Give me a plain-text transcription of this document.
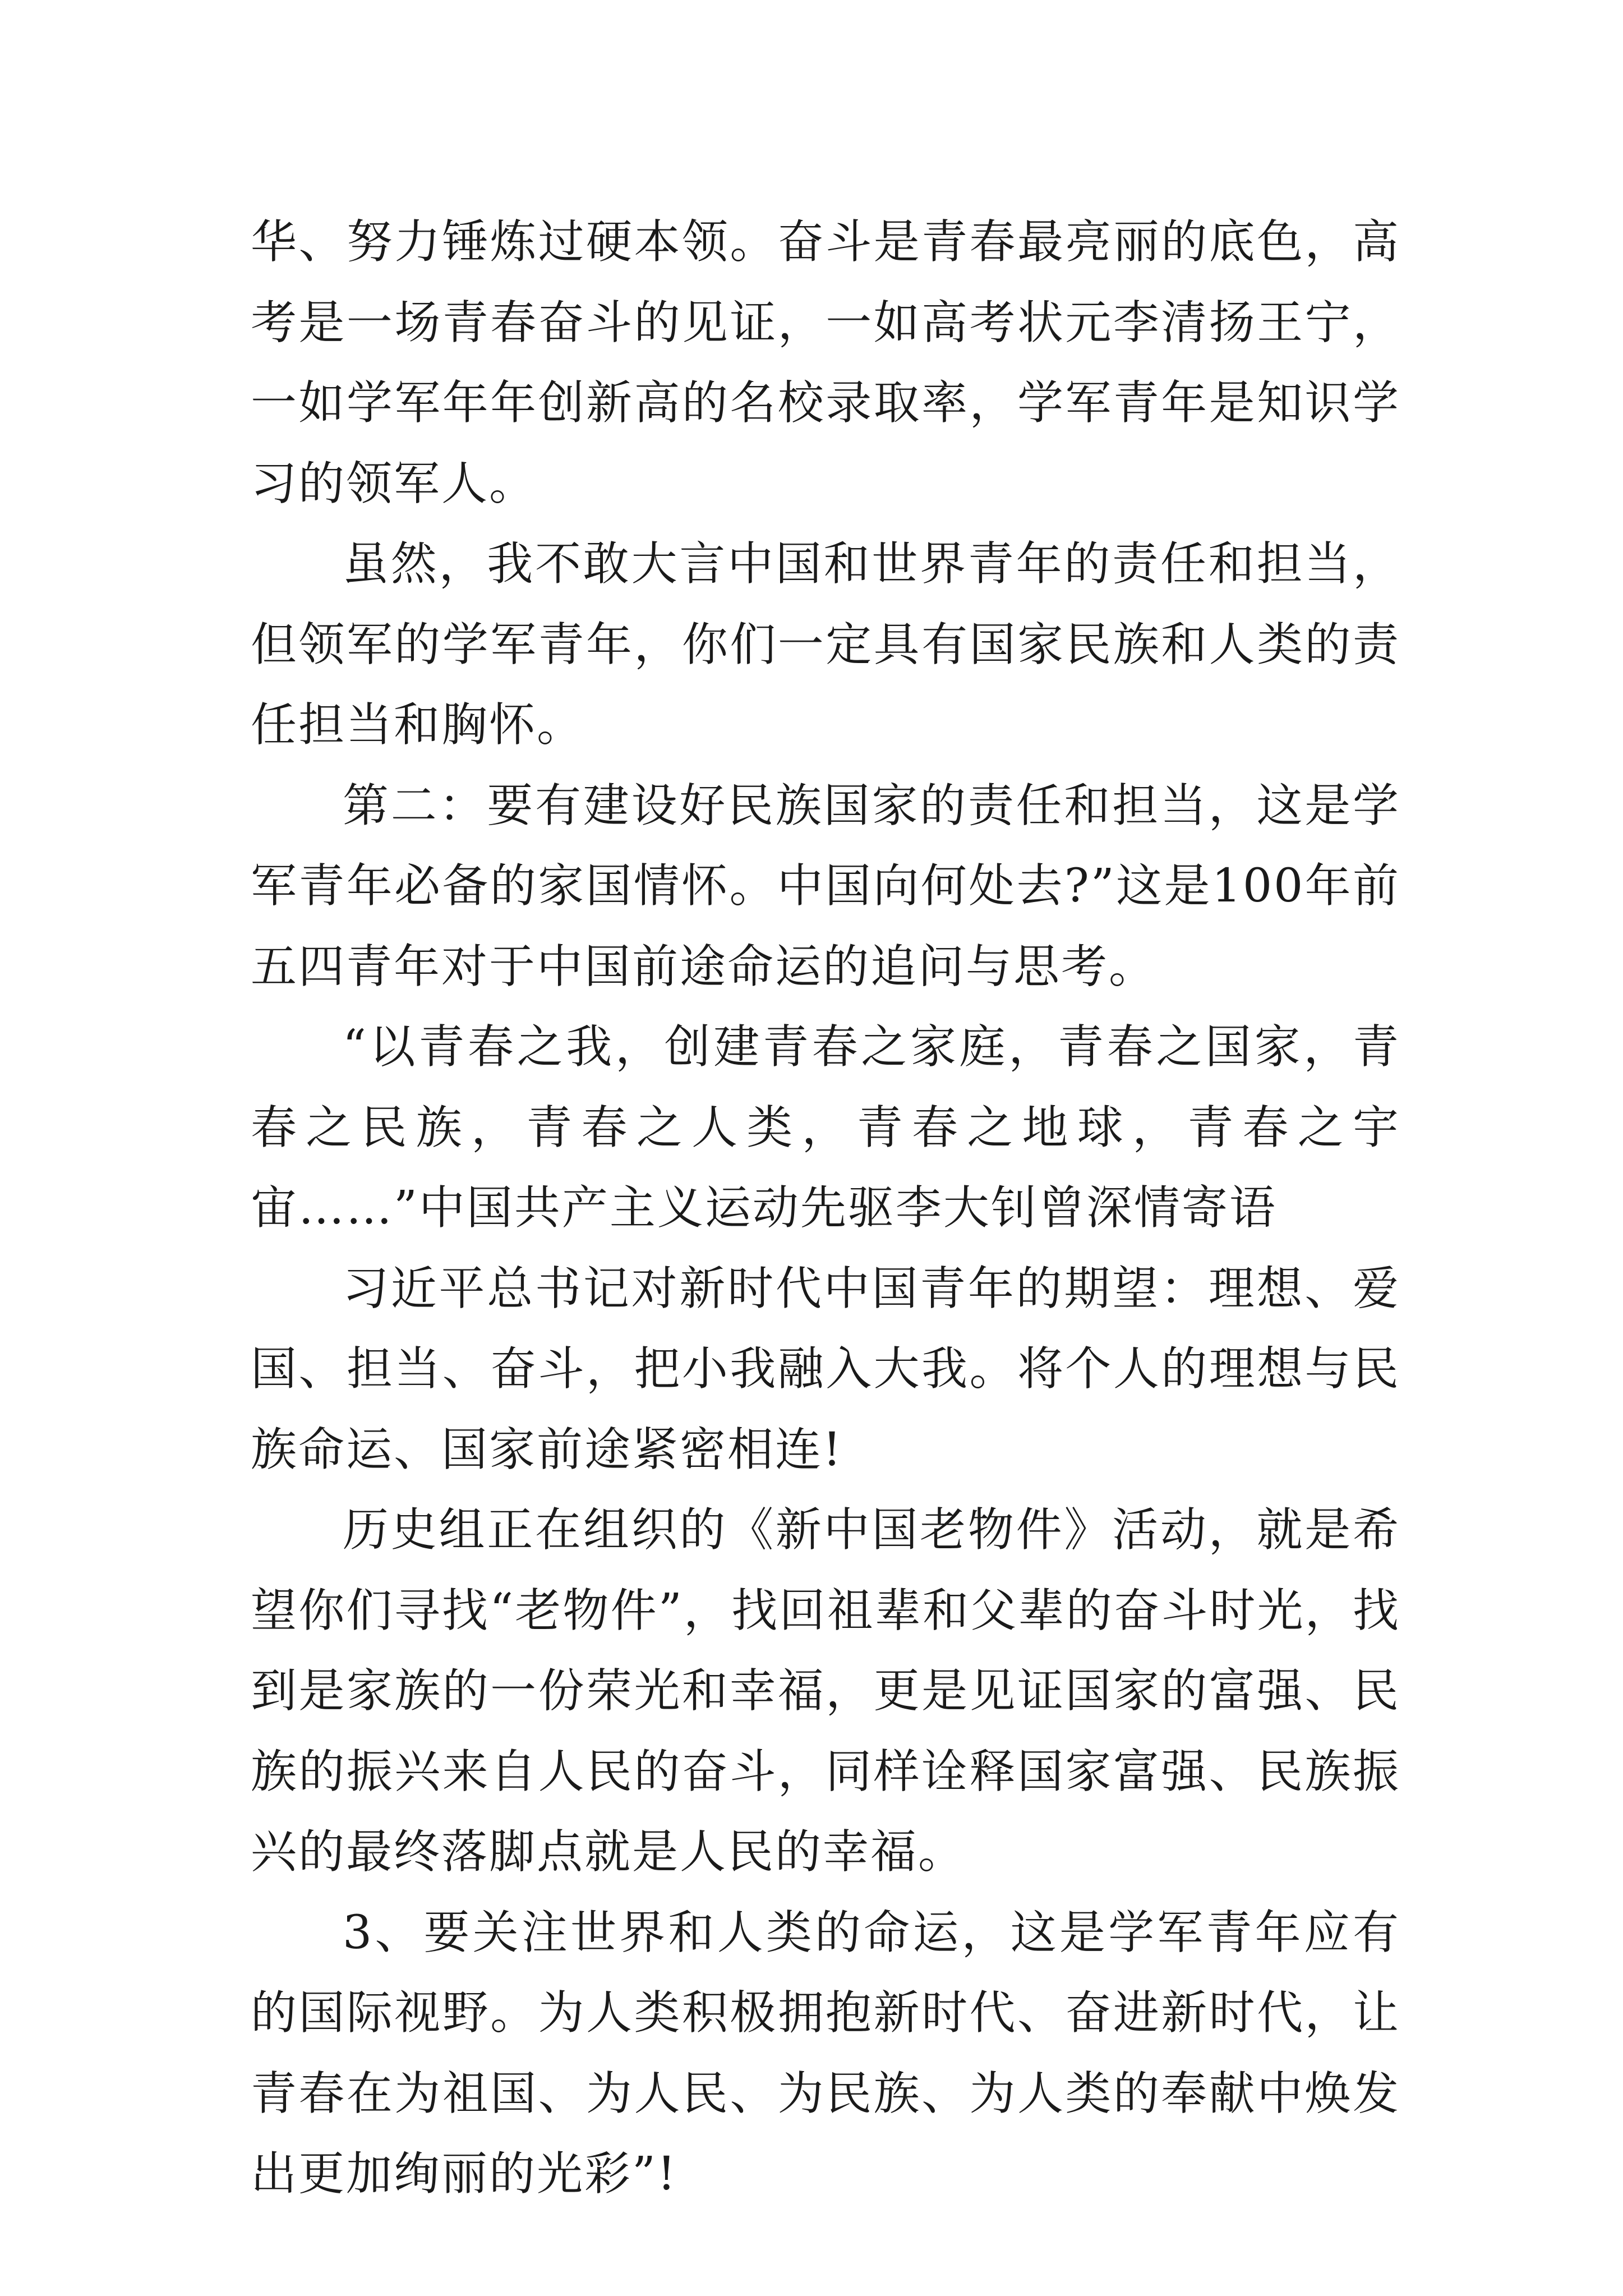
华、努力锤炼过硬本领。奋斗是青春最亮丽的底色，高考是一场青春奋斗的见证，一如高考状元李清扬王宁，一如学军年年创新高的名校录取率，学军青年是知识学习的领军人。

虽然，我不敢大言中国和世界青年的责任和担当，但领军的学军青年，你们一定具有国家民族和人类的责任担当和胸怀。

第二：要有建设好民族国家的责任和担当，这是学军青年必备的家国情怀。中国向何处去?”这是100年前五四青年对于中国前途命运的追问与思考。

“以青春之我，创建青春之家庭，青春之国家，青春之民族，青春之人类，青春之地球，青春之宇宙……”中国共产主义运动先驱李大钊曾深情寄语

习近平总书记对新时代中国青年的期望：理想、爱国、担当、奋斗，把小我融入大我。将个人的理想与民族命运、国家前途紧密相连!

历史组正在组织的《新中国老物件》活动，就是希望你们寻找“老物件”，找回祖辈和父辈的奋斗时光，找到是家族的一份荣光和幸福，更是见证国家的富强、民族的振兴来自人民的奋斗，同样诠释国家富强、民族振兴的最终落脚点就是人民的幸福。

3、要关注世界和人类的命运，这是学军青年应有的国际视野。为人类积极拥抱新时代、奋进新时代，让青春在为祖国、为人民、为民族、为人类的奉献中焕发出更加绚丽的光彩”!
